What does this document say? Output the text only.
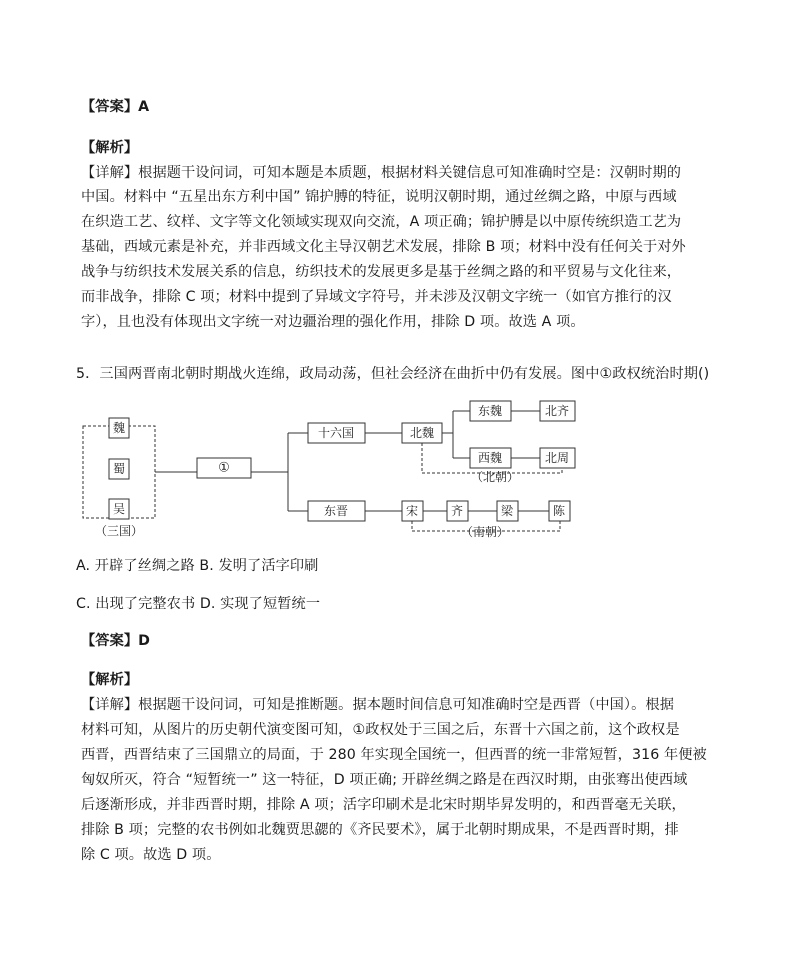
【答案】A
【解析】
【详解】根据题干设问词，可知本题是本质题，根据材料关键信息可知准确时空是：汉朝时期的
中国。材料中 “五星出东方利中国” 锦护膊的特征，说明汉朝时期，通过丝绸之路，中原与西域
在织造工艺、纹样、文字等文化领域实现双向交流，A 项正确；锦护膊是以中原传统织造工艺为
基础，西域元素是补充，并非西域文化主导汉朝艺术发展，排除 B 项；材料中没有任何关于对外
战争与纺织技术发展关系的信息，纺织技术的发展更多是基于丝绸之路的和平贸易与文化往来，
而非战争，排除 C 项；材料中提到了异域文字符号，并未涉及汉朝文字统一（如官方推行的汉
字），且也没有体现出文字统一对边疆治理的强化作用，排除 D 项。故选 A 项。
5．三国两晋南北朝时期战火连绵，政局动荡，但社会经济在曲折中仍有发展。图中①政权统治时期()
魏
蜀
吴
（三国）
①
十六国	北魏
东魏	北齐
西魏	北周
（北朝）
东晋	宋	齐	梁	陈
（南朝）
A. 开辟了丝绸之路 B. 发明了活字印刷
C. 出现了完整农书 D. 实现了短暂统一
【答案】D
【解析】
【详解】根据题干设问词，可知是推断题。据本题时间信息可知准确时空是西晋（中国）。根据
材料可知，从图片的历史朝代演变图可知，①政权处于三国之后，东晋十六国之前，这个政权是
西晋，西晋结束了三国鼎立的局面，于 280 年实现全国统一，但西晋的统一非常短暂，316 年便被
匈奴所灭，符合 “短暂统一” 这一特征，D 项正确; 开辟丝绸之路是在西汉时期，由张骞出使西域
后逐渐形成，并非西晋时期，排除 A 项；活字印刷术是北宋时期毕昇发明的，和西晋毫无关联，
排除 B 项；完整的农书例如北魏贾思勰的《齐民要术》，属于北朝时期成果，不是西晋时期，排
除 C 项。故选 D 项。
